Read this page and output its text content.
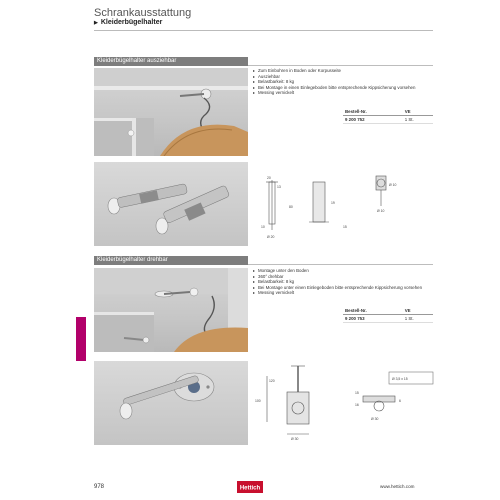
Schrankausstattung
▶ Kleiderbügelhalter
Kleiderbügelhalter ausziehbar
▸ Zum Einbohren in Boden oder Korpusseite
▸ Ausziehbar
▸ Belastbarkeit: 8 kg
▸ Bei Montage in einen Einlegeboden bitte entsprechende Kippsicherung vorsehen
▸ Messing vernickelt
Bestell-Nr.	VE
9 200 752	1 St.
20
13
80
10
Ø 20
19
15
Ø 10
Ø 10
Kleiderbügelhalter drehbar
▸ Montage unter den Boden
▸ 360° drehbar
▸ Belastbarkeit: 8 kg
▸ Bei Montage unter einen Einlegeboden bitte entsprechende Kippsicherung vorsehen
▸ Messing vernickelt
Bestell-Nr.	VE
9 200 753	1 St.
120
100
Ø 30
Ø 3,5 x 15
15
16
Ø 30
6
978	Hettich	www.hettich.com
